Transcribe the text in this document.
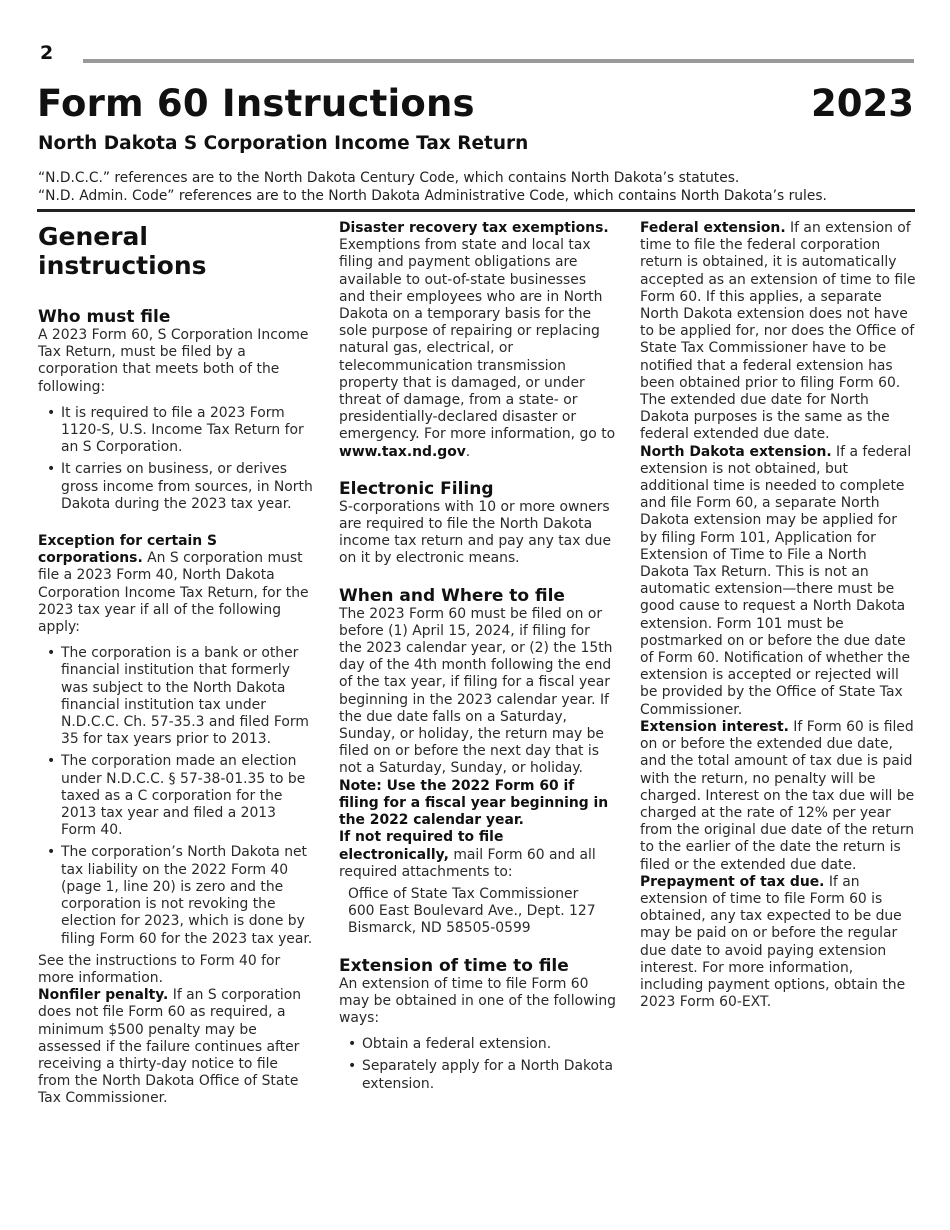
2
Form 60 Instructions	2023
North Dakota S Corporation Income Tax Return

“N.D.C.C.” references are to the North Dakota Century Code, which contains North Dakota’s statutes.

“N.D. Admin. Code” references are to the North Dakota Administrative Code, which contains North Dakota’s rules.

General
instructions
Who must file

A 2023 Form 60, S Corporation Income Tax Return, must be filed by a corporation that meets both of the following:

• It is required to file a 2023 Form 1120-S, U.S. Income Tax Return for an S Corporation.
• It carries on business, or derives gross income from sources, in North Dakota during the 2023 tax year.

Exception for certain S corporations. An S corporation must file a 2023 Form 40, North Dakota Corporation Income Tax Return, for the 2023 tax year if all of the following apply:

• The corporation is a bank or other financial institution that formerly was subject to the North Dakota financial institution tax under N.D.C.C. Ch. 57-35.3 and filed Form 35 for tax years prior to 2013.
• The corporation made an election under N.D.C.C. § 57-38-01.35 to be taxed as a C corporation for the 2013 tax year and filed a 2013 Form 40.
• The corporation’s North Dakota net tax liability on the 2022 Form 40 (page 1, line 20) is zero and the corporation is not revoking the election for 2023, which is done by filing Form 60 for the 2023 tax year.

See the instructions to Form 40 for more information.

Nonfiler penalty. If an S corporation does not file Form 60 as required, a minimum $500 penalty may be assessed if the failure continues after receiving a thirty-day notice to file from the North Dakota Office of State Tax Commissioner.

Disaster recovery tax exemptions. Exemptions from state and local tax filing and payment obligations are available to out-of-state businesses and their employees who are in North Dakota on a temporary basis for the sole purpose of repairing or replacing natural gas, electrical, or telecommunication transmission property that is damaged, or under threat of damage, from a state- or presidentially-declared disaster or emergency. For more information, go to www.tax.nd.gov.

Electronic Filing

S-corporations with 10 or more owners are required to file the North Dakota income tax return and pay any tax due on it by electronic means.

When and Where to file

The 2023 Form 60 must be filed on or before (1) April 15, 2024, if filing for the 2023 calendar year, or (2) the 15th day of the 4th month following the end of the tax year, if filing for a fiscal year beginning in the 2023 calendar year. If the due date falls on a Saturday, Sunday, or holiday, the return may be filed on or before the next day that is not a Saturday, Sunday, or holiday.

Note: Use the 2022 Form 60 if filing for a fiscal year beginning in the 2022 calendar year.

If not required to file electronically, mail Form 60 and all required attachments to:

Office of State Tax Commissioner
600 East Boulevard Ave., Dept. 127
Bismarck, ND 58505-0599
Extension of time to file

An extension of time to file Form 60 may be obtained in one of the following ways:

• Obtain a federal extension.
• Separately apply for a North Dakota extension.

Federal extension. If an extension of time to file the federal corporation return is obtained, it is automatically accepted as an extension of time to file Form 60. If this applies, a separate North Dakota extension does not have to be applied for, nor does the Office of State Tax Commissioner have to be notified that a federal extension has been obtained prior to filing Form 60. The extended due date for North Dakota purposes is the same as the federal extended due date.

North Dakota extension. If a federal extension is not obtained, but additional time is needed to complete and file Form 60, a separate North Dakota extension may be applied for by filing Form 101, Application for Extension of Time to File a North Dakota Tax Return. This is not an automatic extension—there must be good cause to request a North Dakota extension. Form 101 must be postmarked on or before the due date of Form 60. Notification of whether the extension is accepted or rejected will be provided by the Office of State Tax Commissioner.

Extension interest. If Form 60 is filed on or before the extended due date, and the total amount of tax due is paid with the return, no penalty will be charged. Interest on the tax due will be charged at the rate of 12% per year from the original due date of the return to the earlier of the date the return is filed or the extended due date.

Prepayment of tax due. If an extension of time to file Form 60 is obtained, any tax expected to be due may be paid on or before the regular due date to avoid paying extension interest. For more information, including payment options, obtain the 2023 Form 60-EXT.
